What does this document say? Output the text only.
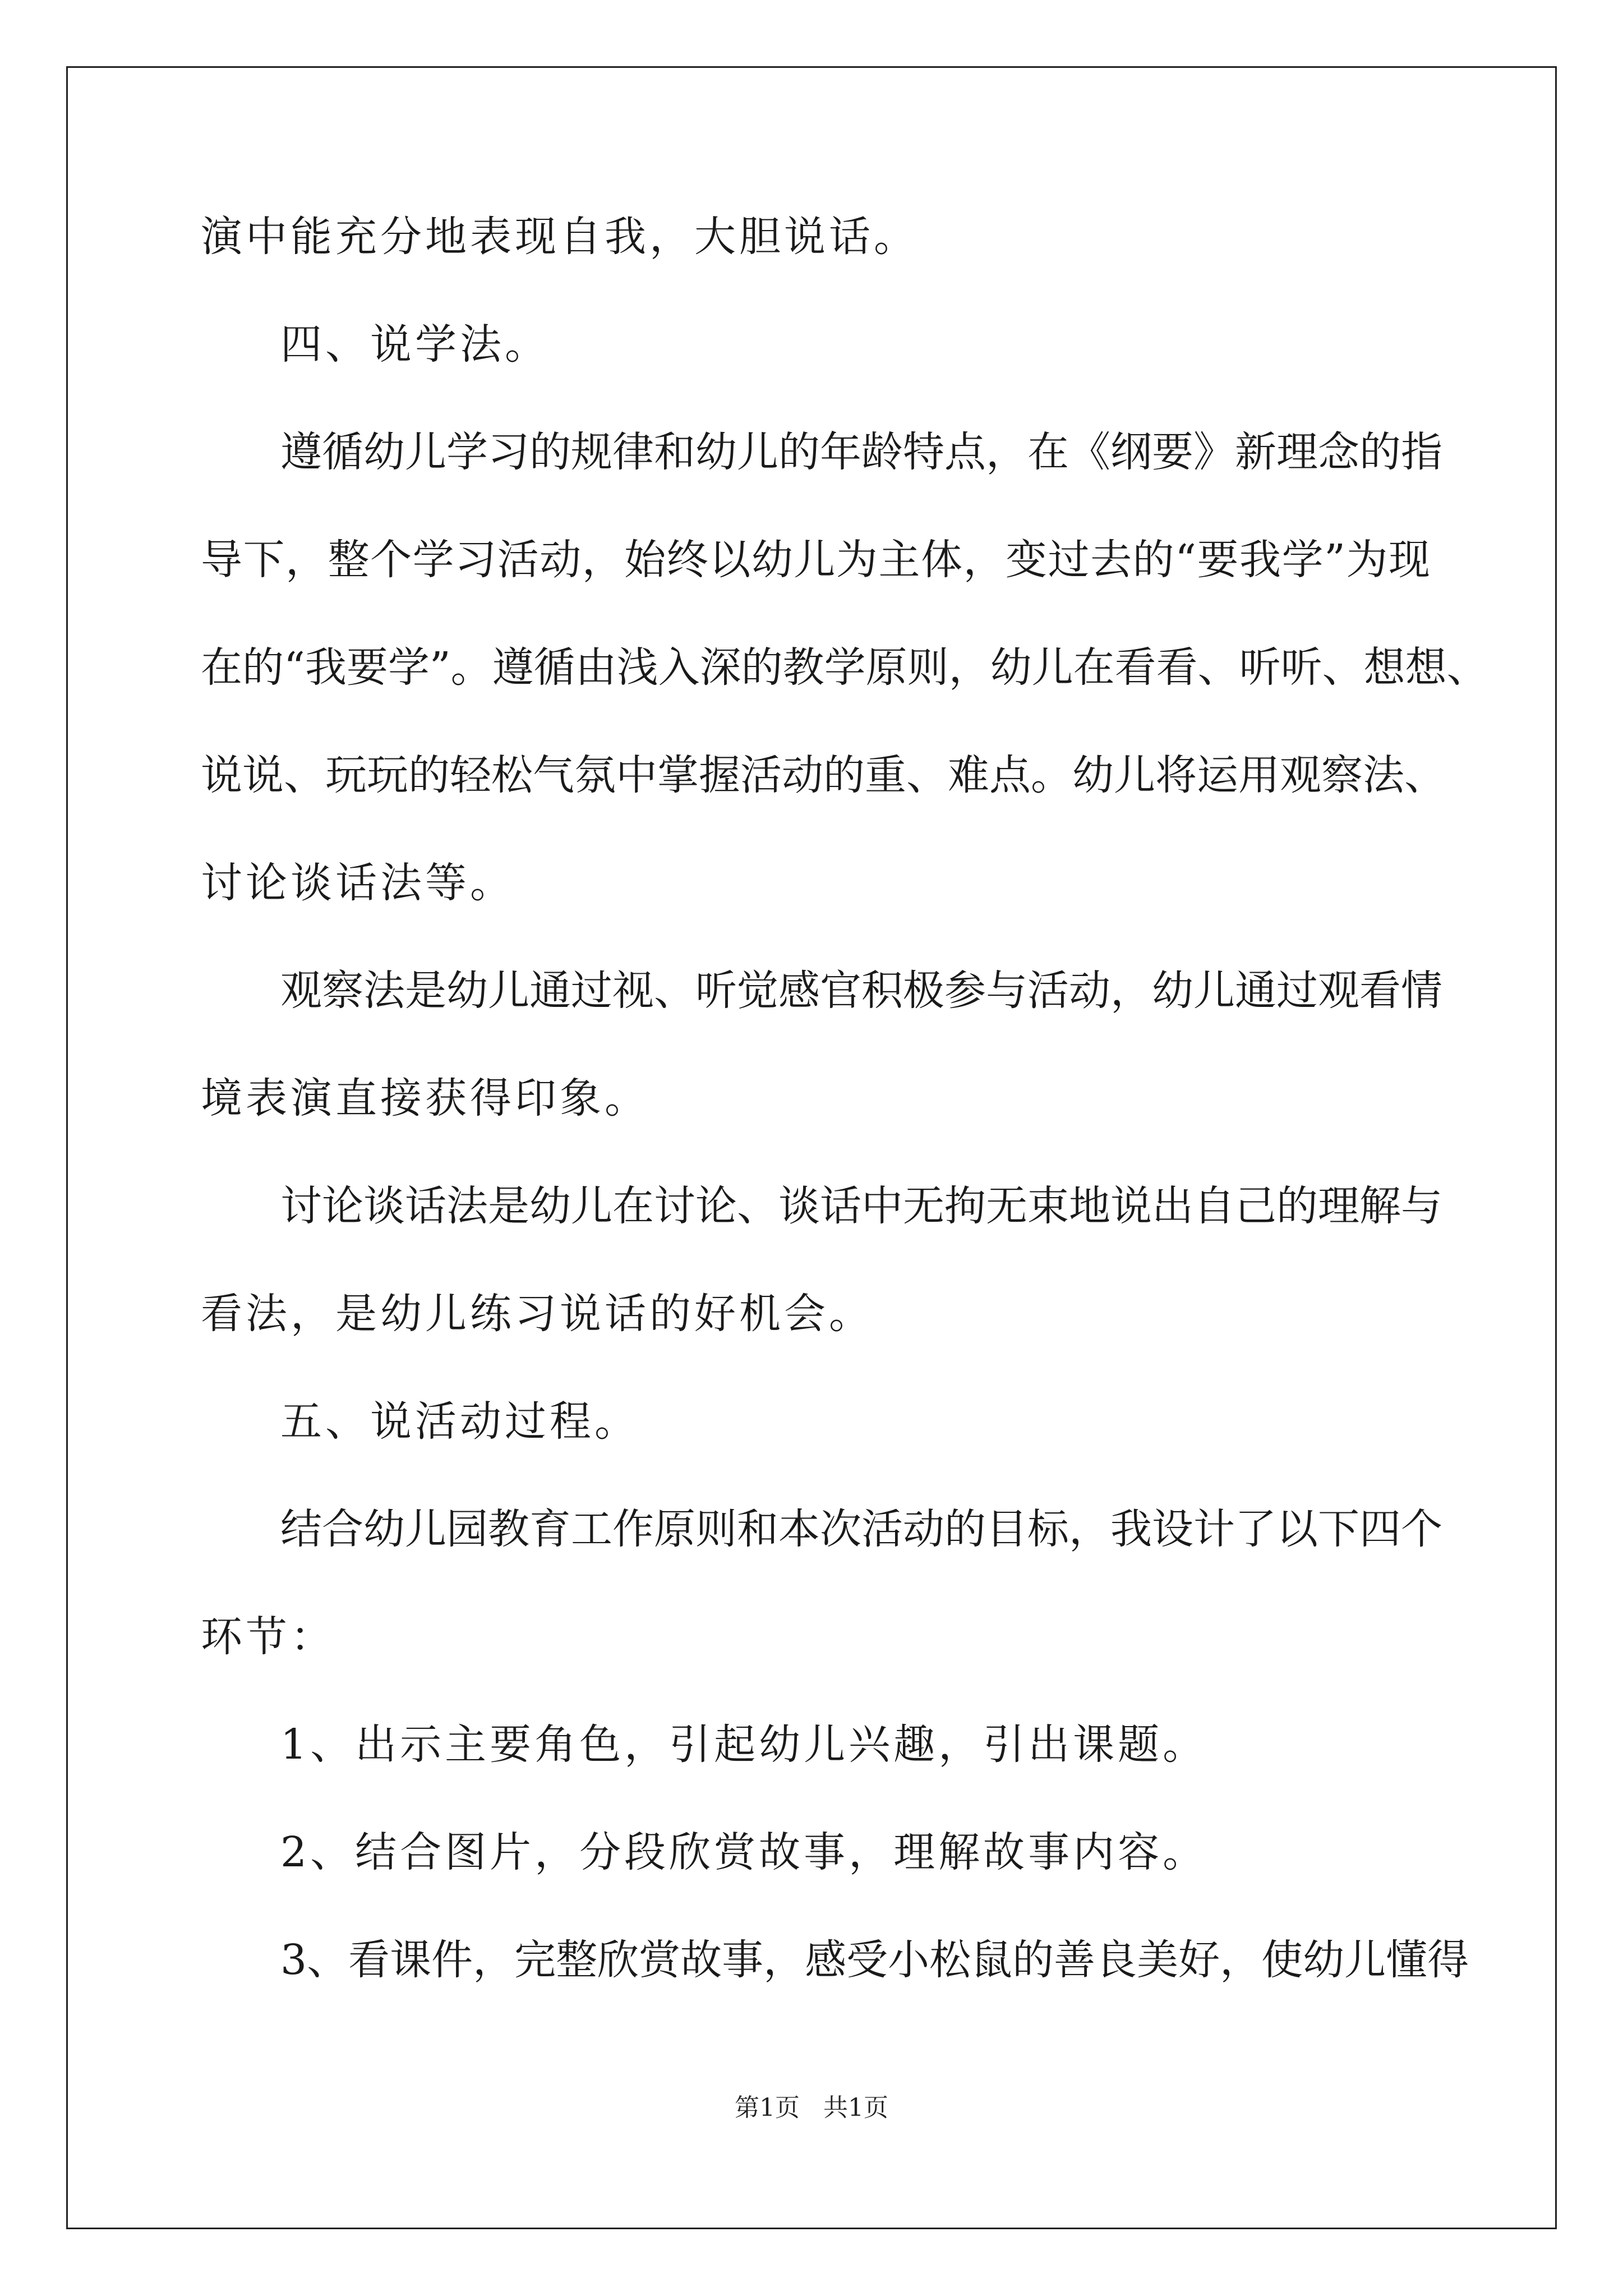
演中能充分地表现自我，大胆说话。
四、说学法。
遵循幼儿学习的规律和幼儿的年龄特点，在《纲要》新理念的指
导下，整个学习活动，始终以幼儿为主体，变过去的“要我学”为现
在的“我要学”。遵循由浅入深的教学原则，幼儿在看看、听听、想想、
说说、玩玩的轻松气氛中掌握活动的重、难点。幼儿将运用观察法、
讨论谈话法等。
观察法是幼儿通过视、听觉感官积极参与活动，幼儿通过观看情
境表演直接获得印象。
讨论谈话法是幼儿在讨论、谈话中无拘无束地说出自己的理解与
看法，是幼儿练习说话的好机会。
五、说活动过程。
结合幼儿园教育工作原则和本次活动的目标，我设计了以下四个
环节：
1、出示主要角色，引起幼儿兴趣，引出课题。
2、结合图片，分段欣赏故事，理解故事内容。
3、看课件，完整欣赏故事，感受小松鼠的善良美好，使幼儿懂得
第1页 共1页
